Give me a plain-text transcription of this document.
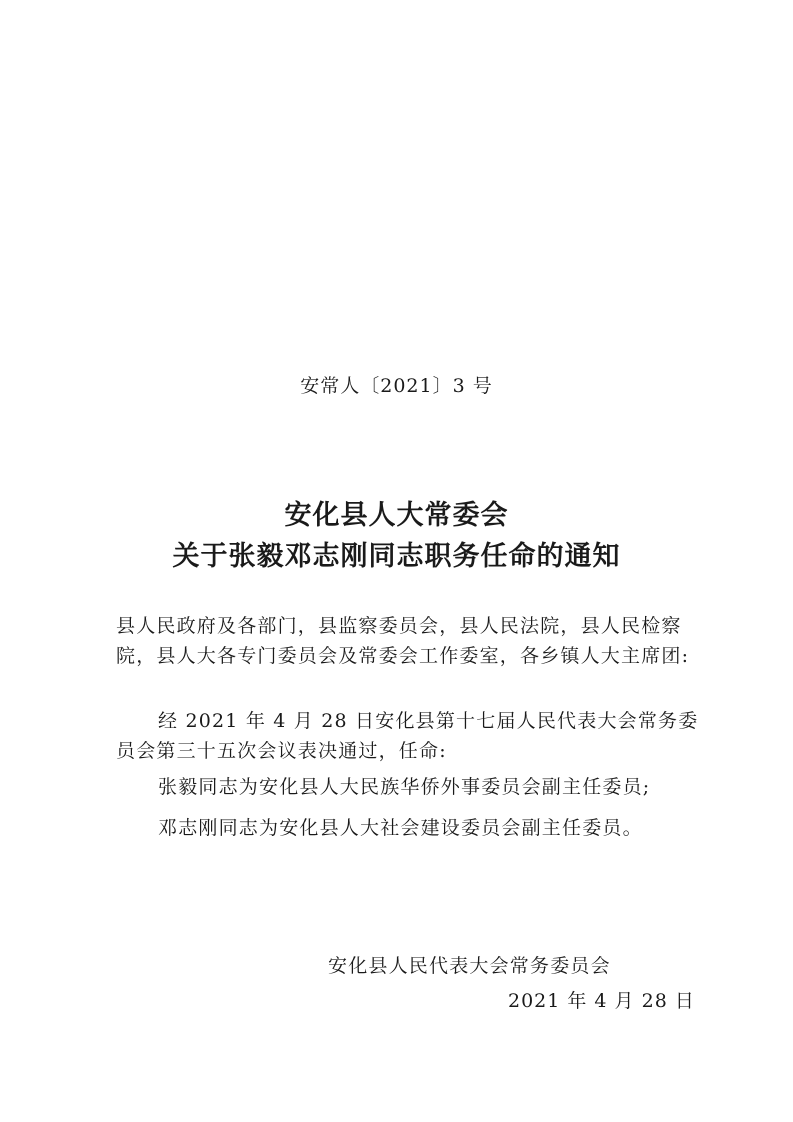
安常人〔2021〕3 号
安化县人大常委会
关于张毅邓志刚同志职务任命的通知
县人民政府及各部门，县监察委员会，县人民法院，县人民检察院，县人大各专门委员会及常委会工作委室，各乡镇人大主席团:
经 2021 年 4 月 28 日安化县第十七届人民代表大会常务委员会第三十五次会议表决通过，任命:
张毅同志为安化县人大民族华侨外事委员会副主任委员;
邓志刚同志为安化县人大社会建设委员会副主任委员。
安化县人民代表大会常务委员会
2021 年 4 月 28 日
